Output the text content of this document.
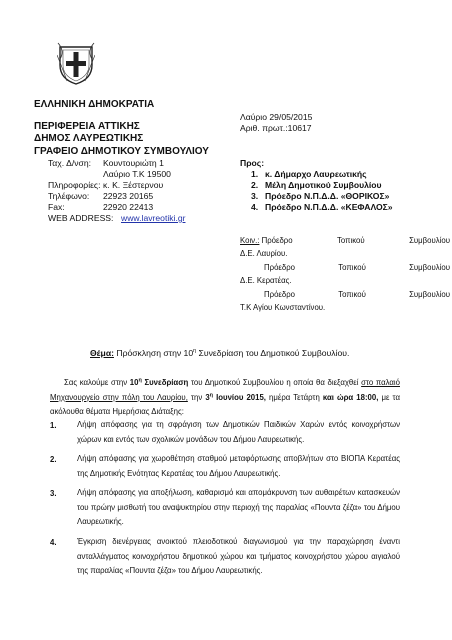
ΕΛΛΗΝΙΚΗ ΔΗΜΟΚΡΑΤΙΑ
ΠΕΡΙΦΕΡΕΙΑ ΑΤΤΙΚΗΣ
ΔΗΜΟΣ ΛΑΥΡΕΩΤΙΚΗΣ
ΓΡΑΦΕΙΟ ΔΗΜΟΤΙΚΟΥ ΣΥΜΒΟΥΛΙΟΥ
Ταχ. Δ/νση: Κουντουριώτη 1
Λαύριο Τ.Κ 19500
Πληροφορίες: κ. Κ. Ξέστερνου
Τηλέφωνο: 22923 20165
Fax:	22920 22413
WEB ADDRESS: www.lavreotiki.gr
Λαύριο 29/05/2015
Αριθ. πρωτ.:10617
Προς:
1. κ. Δήμαρχο Λαυρεωτικής
2. Μέλη Δημοτικού Συμβουλίου
3. Πρόεδρο Ν.Π.Δ.Δ. «ΘΟΡΙΚΟΣ»
4. Πρόεδρο Ν.Π.Δ.Δ. «ΚΕΦΑΛΟΣ»
Κοιν.: Πρόεδρο	Τοπικού	Συμβουλίου
Δ.Ε. Λαυρίου.
Πρόεδρο	Τοπικού	Συμβουλίου
Δ.Ε. Κερατέας.
Πρόεδρο	Τοπικού	Συμβουλίου
Τ.Κ Αγίου Κωνσταντίνου.
Θέμα: Πρόσκληση στην $10^\eta$ Συνεδρίαση του Δημοτικού Συμβουλίου.
Σας καλούμε στην $10^\eta$ Συνεδρίαση του Δημοτικού Συμβουλίου η οποία θα διεξαχθεί στο παλαιό Μηχανουργείο στην πόλη του Λαυρίου, την $3^\eta$ Ιουνίου 2015, ημέρα Τετάρτη και ώρα 18:00, με τα ακόλουθα θέματα Ημερήσιας Διάταξης:
1.	Λήψη απόφασης για τη σφράγιση των Δημοτικών Παιδικών Χαρών εντός κοινοχρήστων χώρων και εντός των σχολικών μονάδων του Δήμου Λαυρεωτικής.
2.	Λήψη απόφασης για χωροθέτηση σταθμού μεταφόρτωσης αποβλήτων στο ΒΙΟΠΑ Κερατέας της Δημοτικής Ενότητας Κερατέας του Δήμου Λαυρεωτικής.
3.	Λήψη απόφασης για αποξήλωση, καθαρισμό και απομάκρυνση των αυθαιρέτων κατασκευών του πρώην μισθωτή του αναψυκτηρίου στην περιοχή της παραλίας «Πουντα ζέζα» του Δήμου Λαυρεωτικής.
4.	Έγκριση διενέργειας ανοικτού πλειοδοτικού διαγωνισμού για την παραχώρηση έναντι ανταλλάγματος κοινοχρήστου δημοτικού χώρου και τμήματος κοινοχρήστου χώρου αιγιαλού της παραλίας «Πουντα ζέζα» του Δήμου Λαυρεωτικής.
